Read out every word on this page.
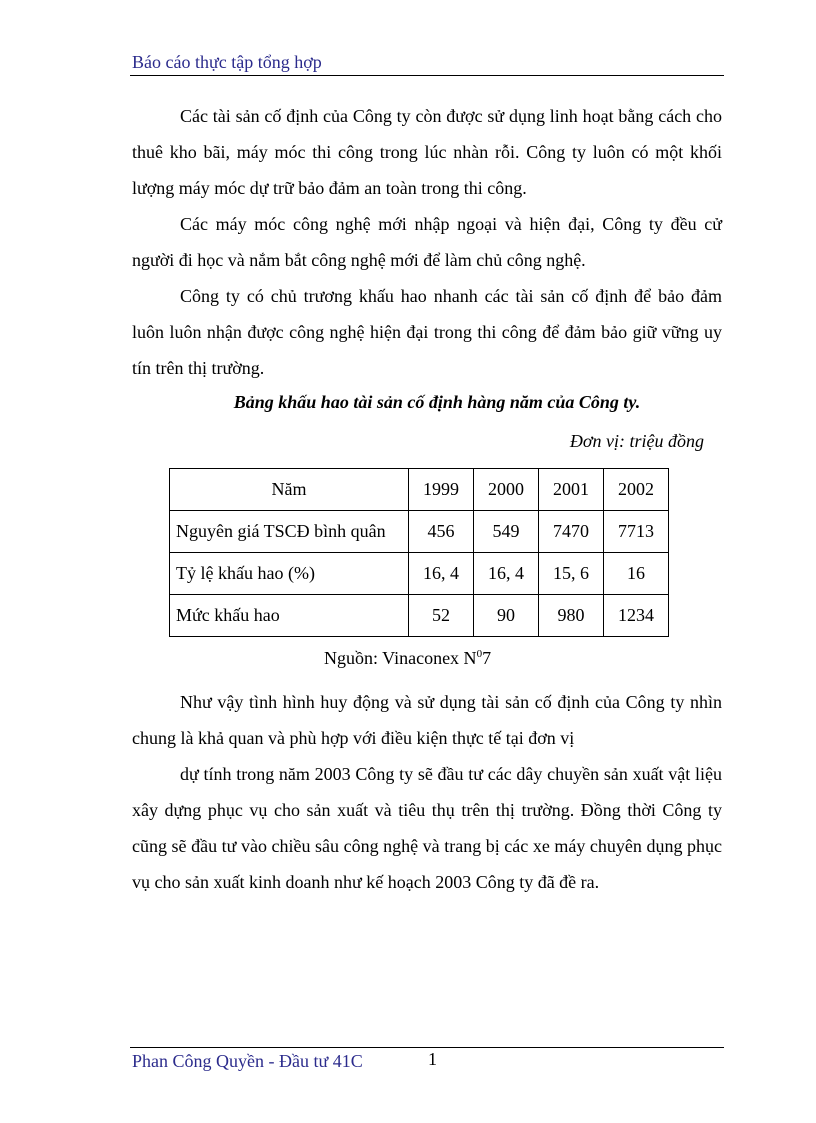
Báo cáo thực tập tổng hợp
Các tài sản cố định của Công ty còn được sử dụng linh hoạt bằng cách cho thuê kho bãi, máy móc thi công trong lúc nhàn rỗi. Công ty luôn có một khối lượng máy móc dự trữ bảo đảm an toàn trong thi công.
Các máy móc công nghệ mới nhập ngoại và hiện đại, Công ty đều cử người đi học và nắm bắt công nghệ mới để làm chủ công nghệ.
Công ty có chủ trương khấu hao nhanh các tài sản cố định để bảo đảm luôn luôn nhận được công nghệ hiện đại trong thi công để đảm bảo giữ vững uy tín trên thị trường.
Bảng khấu hao tài sản cố định hàng năm của Công ty.
Đơn vị: triệu đồng
Năm	1999	2000	2001	2002
Nguyên giá TSCĐ bình quân	456	549	7470	7713
Tỷ lệ khấu hao (%)	16, 4	16, 4	15, 6	16
Mức khấu hao	52	90	980	1234
Nguồn: Vinaconex $N^07$
Như vậy tình hình huy động và sử dụng tài sản cố định của Công ty nhìn chung là khả quan và phù hợp với điều kiện thực tế tại đơn vị
dự tính trong năm 2003 Công ty sẽ đầu tư các dây chuyền sản xuất vật liệu xây dựng phục vụ cho sản xuất và tiêu thụ trên thị trường. Đồng thời Công ty cũng sẽ đầu tư vào chiều sâu công nghệ và trang bị các xe máy chuyên dụng phục vụ cho sản xuất kinh doanh như kế hoạch 2003 Công ty đã đề ra.
Phan Công Quyền - Đầu tư 41C	1
